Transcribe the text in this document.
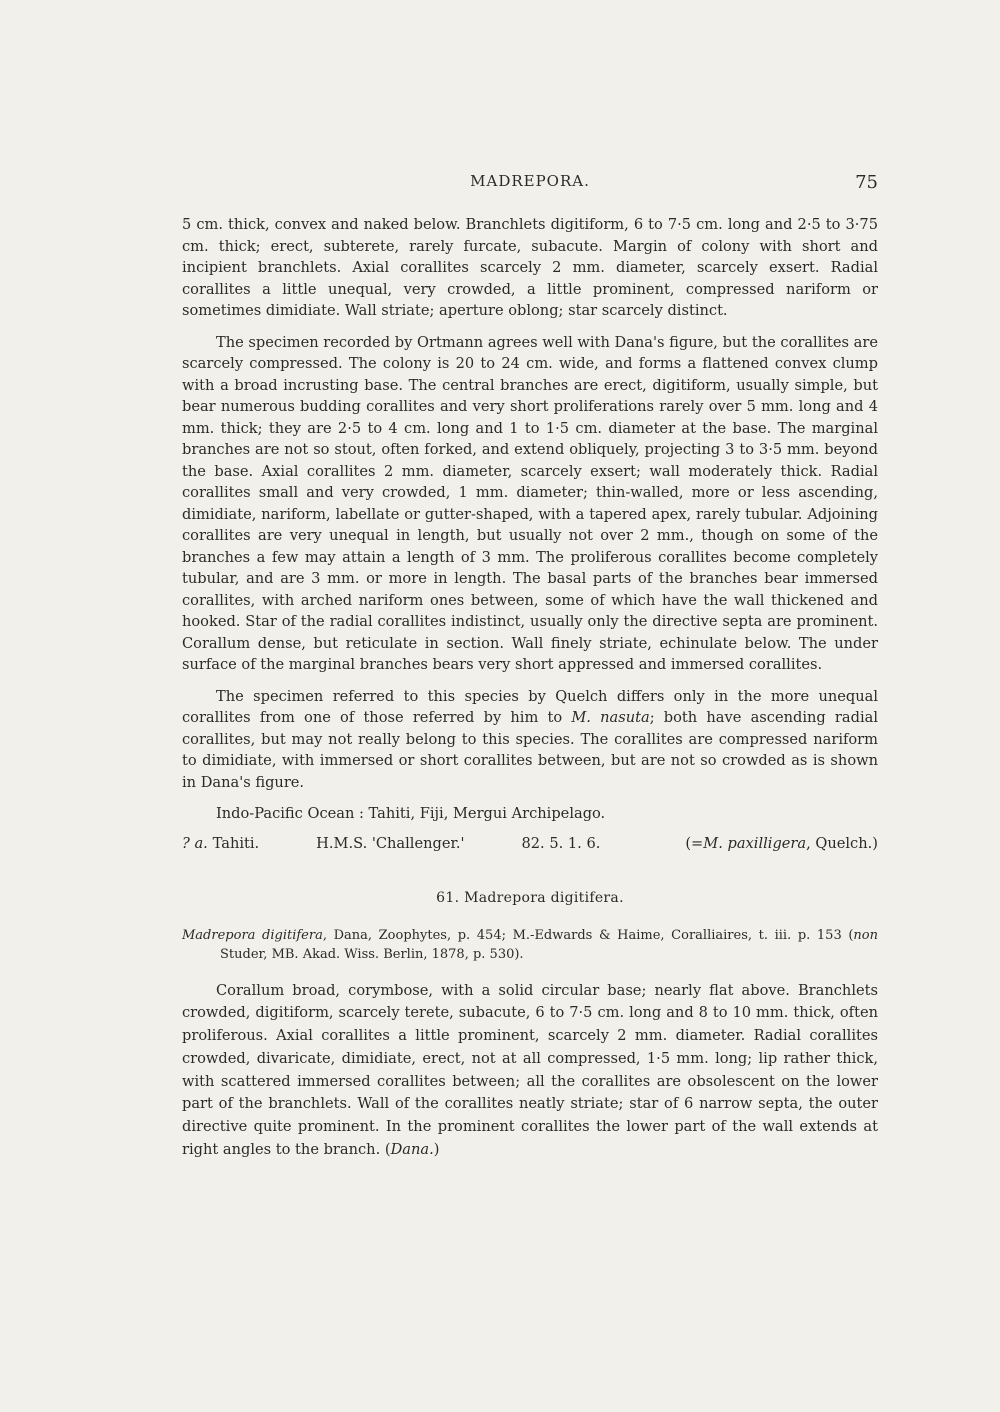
MADREPORA.	75

5 cm. thick, convex and naked below. Branchlets digitiform, 6 to 7·5 cm. long and 2·5 to 3·75 cm. thick; erect, subterete, rarely furcate, subacute. Margin of colony with short and incipient branchlets. Axial corallites scarcely 2 mm. diameter, scarcely exsert. Radial corallites a little unequal, very crowded, a little prominent, compressed nariform or sometimes dimidiate. Wall striate; aperture oblong; star scarcely distinct.

The specimen recorded by Ortmann agrees well with Dana's figure, but the corallites are scarcely compressed. The colony is 20 to 24 cm. wide, and forms a flattened convex clump with a broad incrusting base. The central branches are erect, digitiform, usually simple, but bear numerous budding corallites and very short proliferations rarely over 5 mm. long and 4 mm. thick; they are 2·5 to 4 cm. long and 1 to 1·5 cm. diameter at the base. The marginal branches are not so stout, often forked, and extend obliquely, projecting 3 to 3·5 mm. beyond the base. Axial corallites 2 mm. diameter, scarcely exsert; wall moderately thick. Radial corallites small and very crowded, 1 mm. diameter; thin-walled, more or less ascending, dimidiate, nariform, labellate or gutter-shaped, with a tapered apex, rarely tubular. Adjoining corallites are very unequal in length, but usually not over 2 mm., though on some of the branches a few may attain a length of 3 mm. The proliferous corallites become completely tubular, and are 3 mm. or more in length. The basal parts of the branches bear immersed corallites, with arched nariform ones between, some of which have the wall thickened and hooked. Star of the radial corallites indistinct, usually only the directive septa are prominent. Corallum dense, but reticulate in section. Wall finely striate, echinulate below. The under surface of the marginal branches bears very short appressed and immersed corallites.

The specimen referred to this species by Quelch differs only in the more unequal corallites from one of those referred by him to M. nasuta; both have ascending radial corallites, but may not really belong to this species. The corallites are compressed nariform to dimidiate, with immersed or short corallites between, but are not so crowded as is shown in Dana's figure.

Indo-Pacific Ocean : Tahiti, Fiji, Mergui Archipelago.

? a. Tahiti.	H.M.S. 'Challenger.'	82. 5. 1. 6.	(=M. paxilligera, Quelch.)
61. Madrepora digitifera.

Madrepora digitifera, Dana, Zoophytes, p. 454; M.-Edwards & Haime, Coralliaires, t. iii. p. 153 (non Studer, MB. Akad. Wiss. Berlin, 1878, p. 530).

Corallum broad, corymbose, with a solid circular base; nearly flat above. Branchlets crowded, digitiform, scarcely terete, subacute, 6 to 7·5 cm. long and 8 to 10 mm. thick, often proliferous. Axial corallites a little prominent, scarcely 2 mm. diameter. Radial corallites crowded, divaricate, dimidiate, erect, not at all compressed, 1·5 mm. long; lip rather thick, with scattered immersed corallites between; all the corallites are obsolescent on the lower part of the branchlets. Wall of the corallites neatly striate; star of 6 narrow septa, the outer directive quite prominent. In the prominent corallites the lower part of the wall extends at right angles to the branch. (Dana.)
